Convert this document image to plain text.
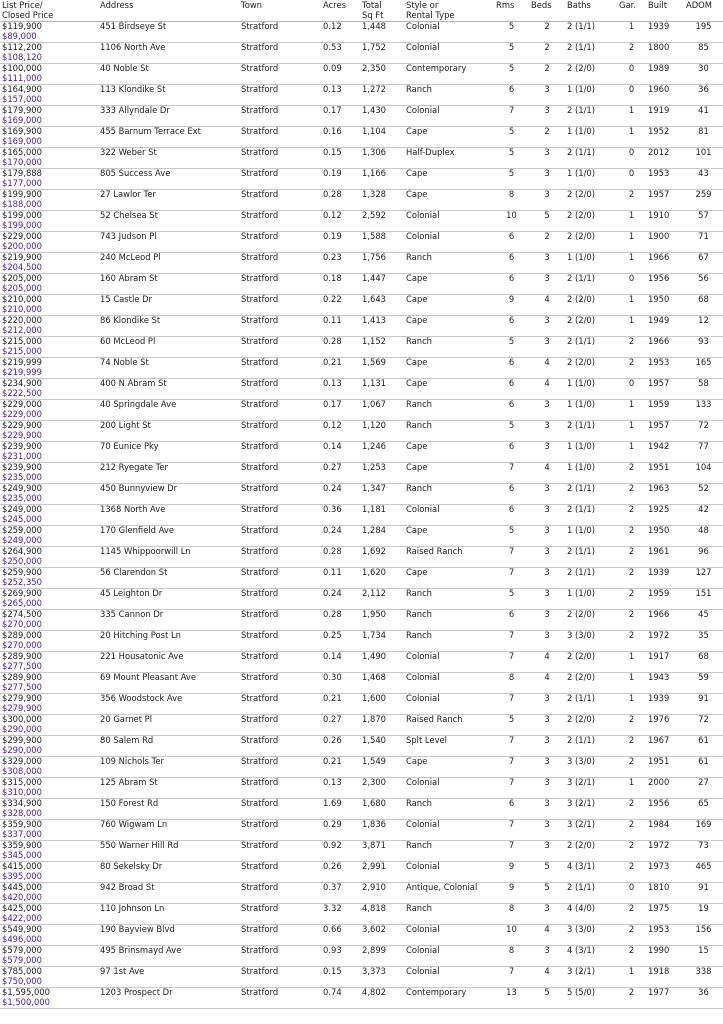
List Price/
Closed Price	Address	Town	Acres	Total
Sq Ft	Style or
Rental Type	Rms	Beds	Baths	Gar.	Built	ADOM

$119,900
$89,000	451 Birdseye St	Stratford	0.12	1,448	Colonial	5	2	2 (1/1)	1	1939	195

$112,200
$108,120	1106 North Ave	Stratford	0.53	1,752	Colonial	5	2	2 (1/1)	2	1800	85

$100,000
$111,000	40 Noble St	Stratford	0.09	2,350	Contemporary	5	2	2 (2/0)	0	1989	30

$164,900
$157,000	113 Klondike St	Stratford	0.13	1,272	Ranch	6	3	1 (1/0)	0	1960	36

$179,900
$169,000	333 Allyndale Dr	Stratford	0.17	1,430	Colonial	7	3	2 (1/1)	1	1919	41

$169,900
$169,000	455 Barnum Terrace Ext	Stratford	0.16	1,104	Cape	5	2	1 (1/0)	1	1952	81

$165,000
$170,000	322 Weber St	Stratford	0.15	1,306	Half-Duplex	5	3	2 (1/1)	0	2012	101

$179,888
$177,000	805 Success Ave	Stratford	0.19	1,166	Cape	5	3	1 (1/0)	0	1953	43

$199,900
$188,000	27 Lawlor Ter	Stratford	0.28	1,328	Cape	8	3	2 (2/0)	2	1957	259

$199,000
$199,000	52 Chelsea St	Stratford	0.12	2,592	Colonial	10	5	2 (2/0)	1	1910	57

$229,000
$200,000	743 Judson Pl	Stratford	0.19	1,588	Colonial	6	2	2 (2/0)	1	1900	71

$219,900
$204,500	240 McLeod Pl	Stratford	0.23	1,756	Ranch	6	3	1 (1/0)	1	1966	67

$205,000
$205,000	160 Abram St	Stratford	0.18	1,447	Cape	6	3	2 (1/1)	0	1956	56

$210,000
$210,000	15 Castle Dr	Stratford	0.22	1,643	Cape	9	4	2 (2/0)	1	1950	68

$220,000
$212,000	86 Klondike St	Stratford	0.11	1,413	Cape	6	3	2 (2/0)	1	1949	12

$215,000
$215,000	60 McLeod Pl	Stratford	0.28	1,152	Ranch	5	3	2 (1/1)	2	1966	93

$219,999
$219,999	74 Noble St	Stratford	0.21	1,569	Cape	6	4	2 (2/0)	2	1953	165

$234,900
$222,500	400 N Abram St	Stratford	0.13	1,131	Cape	6	4	1 (1/0)	0	1957	58

$229,000
$229,000	40 Springdale Ave	Stratford	0.17	1,067	Ranch	6	3	1 (1/0)	1	1959	133

$229,900
$229,900	200 Light St	Stratford	0.12	1,120	Ranch	5	3	2 (1/1)	1	1957	72

$239,900
$231,000	70 Eunice Pky	Stratford	0.14	1,246	Cape	6	3	1 (1/0)	1	1942	77

$239,900
$235,000	212 Ryegate Ter	Stratford	0.27	1,253	Cape	7	4	1 (1/0)	2	1951	104

$249,900
$235,000	450 Bunnyview Dr	Stratford	0.24	1,347	Ranch	6	3	2 (1/1)	2	1963	52

$249,000
$245,000	1368 North Ave	Stratford	0.36	1,181	Colonial	6	3	2 (1/1)	2	1925	42

$259,000
$249,000	170 Glenfield Ave	Stratford	0.24	1,284	Cape	5	3	1 (1/0)	2	1950	48

$264,900
$250,000	1145 Whippoorwill Ln	Stratford	0.28	1,692	Raised Ranch	7	3	2 (1/1)	2	1961	96

$259,900
$252,350	56 Clarendon St	Stratford	0.11	1,620	Cape	7	3	2 (1/1)	2	1939	127

$269,900
$265,000	45 Leighton Dr	Stratford	0.24	2,112	Ranch	5	3	1 (1/0)	2	1959	151

$274,500
$270,000	335 Cannon Dr	Stratford	0.28	1,950	Ranch	6	3	2 (2/0)	2	1966	45

$289,000
$270,000	20 Hitching Post Ln	Stratford	0.25	1,734	Ranch	7	3	3 (3/0)	2	1972	35

$289,900
$277,500	221 Housatonic Ave	Stratford	0.14	1,490	Colonial	7	4	2 (2/0)	1	1917	68

$289,900
$277,500	69 Mount Pleasant Ave	Stratford	0.30	1,468	Colonial	8	4	2 (2/0)	1	1943	59

$279,900
$279,900	356 Woodstock Ave	Stratford	0.21	1,600	Colonial	7	3	2 (1/1)	1	1939	91

$300,000
$290,000	20 Garnet Pl	Stratford	0.27	1,870	Raised Ranch	5	3	2 (2/0)	2	1976	72

$299,900
$290,000	80 Salem Rd	Stratford	0.26	1,540	Splt Level	7	3	2 (1/1)	2	1967	61

$329,000
$308,000	109 Nichols Ter	Stratford	0.21	1,549	Cape	7	3	3 (3/0)	2	1951	61

$315,000
$310,000	125 Abram St	Stratford	0.13	2,300	Colonial	7	3	3 (2/1)	1	2000	27

$334,900
$328,000	150 Forest Rd	Stratford	1.69	1,680	Ranch	6	3	3 (2/1)	2	1956	65

$359,900
$337,000	760 Wigwam Ln	Stratford	0.29	1,836	Colonial	7	3	3 (2/1)	2	1984	169

$359,900
$345,000	550 Warner Hill Rd	Stratford	0.92	3,871	Ranch	7	3	2 (2/0)	2	1972	73

$415,000
$395,000	80 Sekelsky Dr	Stratford	0.26	2,991	Colonial	9	5	4 (3/1)	2	1973	465

$445,000
$420,000	942 Broad St	Stratford	0.37	2,910	Antique, Colonial	9	5	2 (1/1)	0	1810	91

$425,000
$422,000	110 Johnson Ln	Stratford	3.32	4,818	Ranch	8	3	4 (4/0)	2	1975	19

$549,900
$496,000	190 Bayview Blvd	Stratford	0.66	3,602	Colonial	10	4	3 (3/0)	2	1953	156

$579,000
$579,000	495 Brinsmayd Ave	Stratford	0.93	2,899	Colonial	8	3	4 (3/1)	2	1990	15

$785,000
$750,000	97 1st Ave	Stratford	0.15	3,373	Colonial	7	4	3 (2/1)	1	1918	338

$1,595,000
$1,500,000	1203 Prospect Dr	Stratford	0.74	4,802	Contemporary	13	5	5 (5/0)	2	1977	36
